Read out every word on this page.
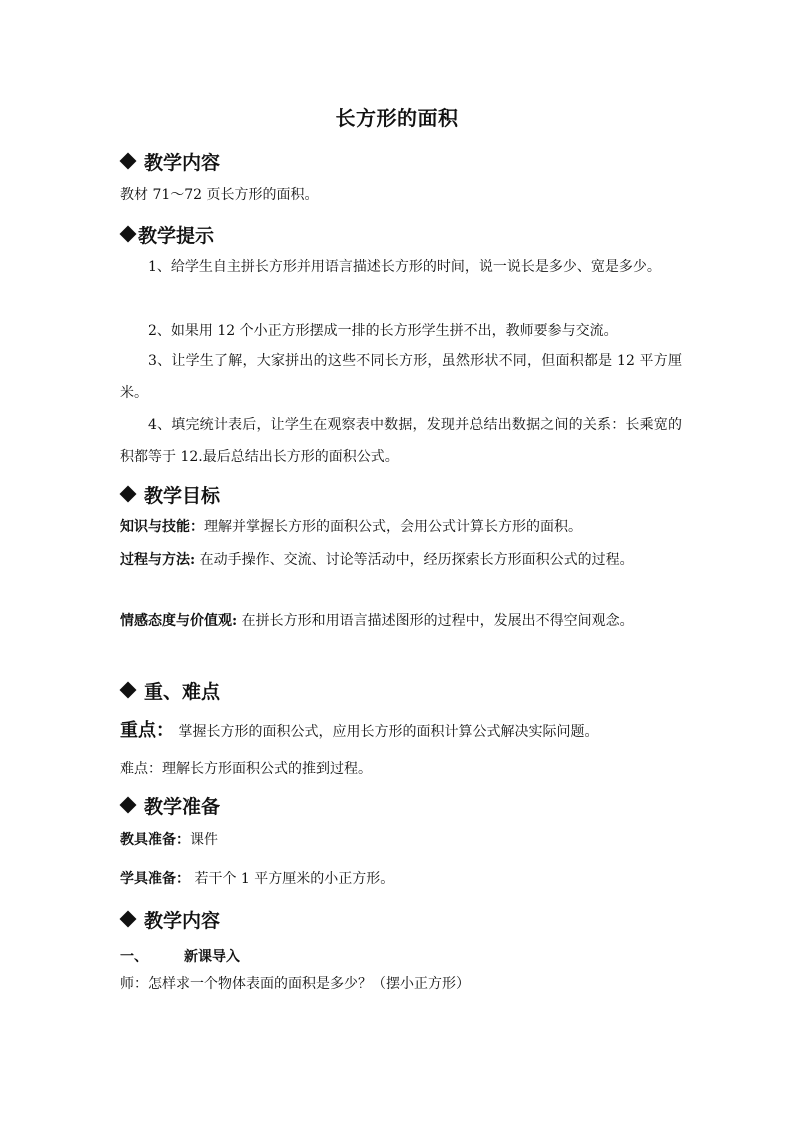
长方形的面积
教学内容
教材 71～72 页长方形的面积。
教学提示
1、给学生自主拼长方形并用语言描述长方形的时间，说一说长是多少、宽是多少。
2、如果用 12 个小正方形摆成一排的长方形学生拼不出，教师要参与交流。
3、让学生了解，大家拼出的这些不同长方形，虽然形状不同，但面积都是 12 平方厘米。
4、填完统计表后，让学生在观察表中数据，发现并总结出数据之间的关系：长乘宽的积都等于 12.最后总结出长方形的面积公式。
教学目标
知识与技能：理解并掌握长方形的面积公式，会用公式计算长方形的面积。
过程与方法: 在动手操作、交流、讨论等活动中，经历探索长方形面积公式的过程。
情感态度与价值观: 在拼长方形和用语言描述图形的过程中，发展出不得空间观念。
重、难点
重点： 掌握长方形的面积公式，应用长方形的面积计算公式解决实际问题。
难点：理解长方形面积公式的推到过程。
教学准备
教具准备：课件
学具准备： 若干个 1 平方厘米的小正方形。
教学内容
一、	新课导入
师：怎样求一个物体表面的面积是多少？（摆小正方形）
